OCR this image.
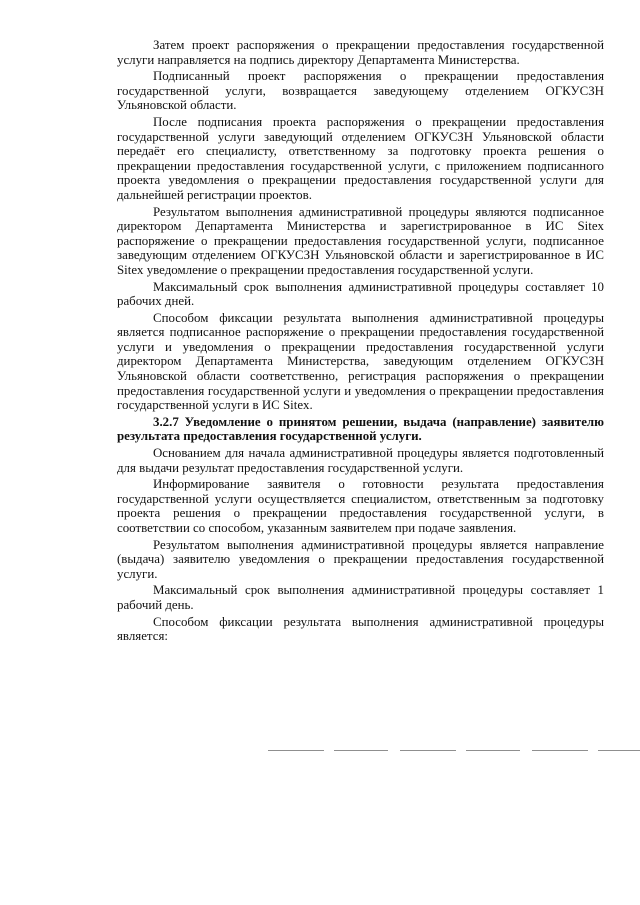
Затем проект распоряжения о прекращении предоставления государственной услуги направляется на подпись директору Департамента Министерства.

Подписанный проект распоряжения о прекращении предоставления государственной услуги, возвращается заведующему отделением ОГКУСЗН Ульяновской области.

После подписания проекта распоряжения о прекращении предоставления государственной услуги заведующий отделением ОГКУСЗН Ульяновской области передаёт его специалисту, ответственному за подготовку проекта решения о прекращении предоставления государственной услуги, с приложением подписанного проекта уведомления о прекращении предоставления государственной услуги для дальнейшей регистрации проектов.

Результатом выполнения административной процедуры являются подписанное директором Департамента Министерства и зарегистрированное в ИС Sitex распоряжение о прекращении предоставления государственной услуги, подписанное заведующим отделением ОГКУСЗН Ульяновской области и зарегистрированное в ИС Sitex уведомление о прекращении предоставления государственной услуги.

Максимальный срок выполнения административной процедуры составляет 10 рабочих дней.

Способом фиксации результата выполнения административной процедуры является подписанное распоряжение о прекращении предоставления государственной услуги и уведомления о прекращении предоставления государственной услуги директором Департамента Министерства, заведующим отделением ОГКУСЗН Ульяновской области соответственно, регистрация распоряжения о прекращении предоставления государственной услуги и уведомления о прекращении предоставления государственной услуги в ИС Sitex.

3.2.7 Уведомление о принятом решении, выдача (направление) заявителю результата предоставления государственной услуги.

Основанием для начала административной процедуры является подготовленный для выдачи результат предоставления государственной услуги.

Информирование заявителя о готовности результата предоставления государственной услуги осуществляется специалистом, ответственным за подготовку проекта решения о прекращении предоставления государственной услуги, в соответствии со способом, указанным заявителем при подаче заявления.

Результатом выполнения административной процедуры является направление (выдача) заявителю уведомления о прекращении предоставления государственной услуги.

Максимальный срок выполнения административной процедуры составляет 1 рабочий день.

Способом фиксации результата выполнения административной процедуры является:
